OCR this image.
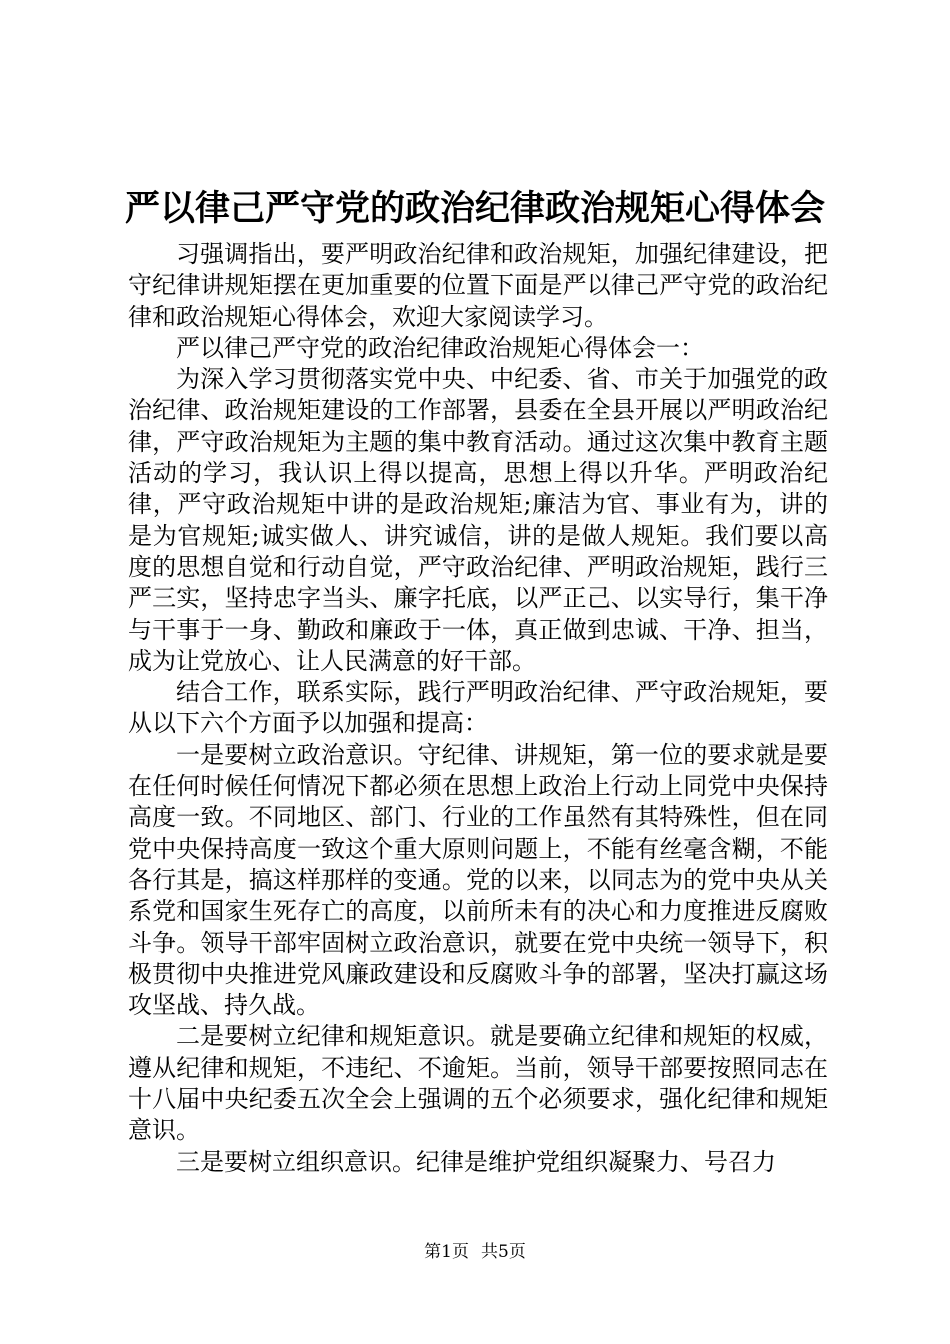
严以律己严守党的政治纪律政治规矩心得体会

习强调指出，要严明政治纪律和政治规矩，加强纪律建设，把守纪律讲规矩摆在更加重要的位置下面是严以律己严守党的政治纪律和政治规矩心得体会，欢迎大家阅读学习。

严以律己严守党的政治纪律政治规矩心得体会一：

为深入学习贯彻落实党中央、中纪委、省、市关于加强党的政治纪律、政治规矩建设的工作部署，县委在全县开展以严明政治纪律，严守政治规矩为主题的集中教育活动。通过这次集中教育主题活动的学习，我认识上得以提高，思想上得以升华。严明政治纪律，严守政治规矩中讲的是政治规矩;廉洁为官、事业有为，讲的是为官规矩;诚实做人、讲究诚信，讲的是做人规矩。我们要以高度的思想自觉和行动自觉，严守政治纪律、严明政治规矩，践行三严三实，坚持忠字当头、廉字托底，以严正己、以实导行，集干净与干事于一身、勤政和廉政于一体，真正做到忠诚、干净、担当，成为让党放心、让人民满意的好干部。

结合工作，联系实际，践行严明政治纪律、严守政治规矩，要从以下六个方面予以加强和提高：

一是要树立政治意识。守纪律、讲规矩，第一位的要求就是要在任何时候任何情况下都必须在思想上政治上行动上同党中央保持高度一致。不同地区、部门、行业的工作虽然有其特殊性，但在同党中央保持高度一致这个重大原则问题上，不能有丝毫含糊，不能各行其是，搞这样那样的变通。党的以来，以同志为的党中央从关系党和国家生死存亡的高度，以前所未有的决心和力度推进反腐败斗争。领导干部牢固树立政治意识，就要在党中央统一领导下，积极贯彻中央推进党风廉政建设和反腐败斗争的部署，坚决打赢这场攻坚战、持久战。

二是要树立纪律和规矩意识。就是要确立纪律和规矩的权威，遵从纪律和规矩，不违纪、不逾矩。当前，领导干部要按照同志在十八届中央纪委五次全会上强调的五个必须要求，强化纪律和规矩意识。

三是要树立组织意识。纪律是维护党组织凝聚力、号召力

第1页 共5页
